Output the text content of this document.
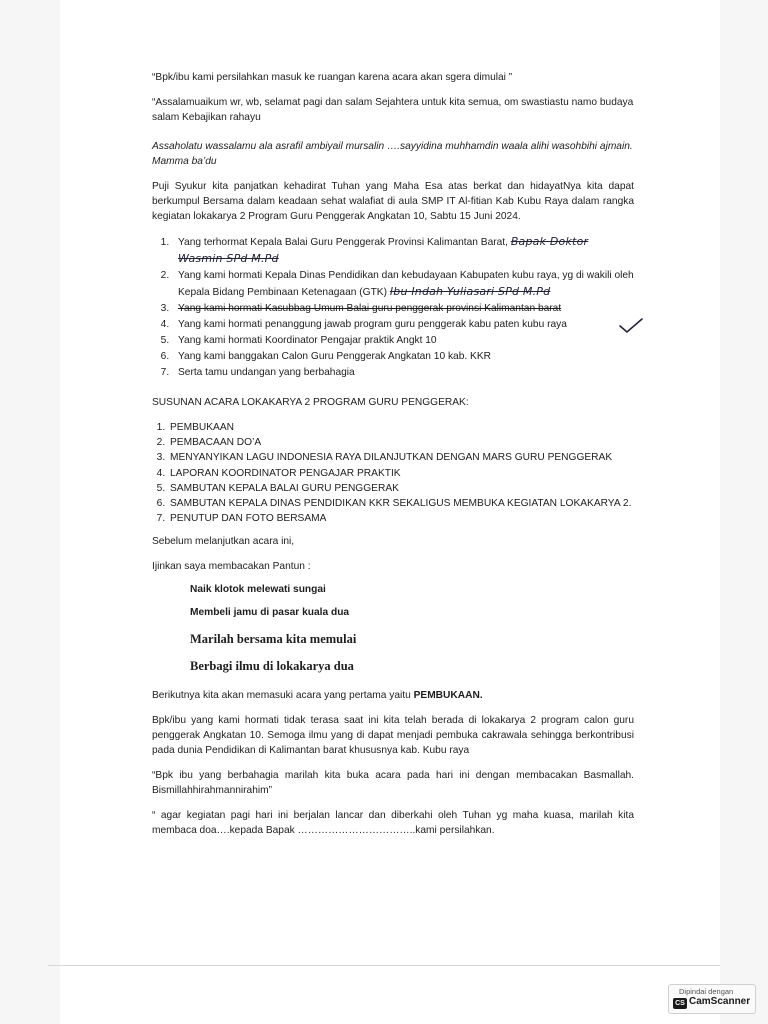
“Bpk/ibu kami persilahkan masuk ke ruangan karena acara akan sgera dimulai ”

“Assalamuaikum wr, wb, selamat pagi dan salam Sejahtera untuk kita semua, om swastiastu namo budaya salam Kebajikan rahayu

Assaholatu wassalamu ala asrafil ambiyail mursalin ….sayyidina muhhamdin waala alihi wasohbihi ajmain. Mamma ba’du

Puji Syukur kita panjatkan kehadirat Tuhan yang Maha Esa atas berkat dan hidayatNya kita dapat berkumpul Bersama dalam keadaan sehat walafiat di aula SMP IT Al-fitian Kab Kubu Raya dalam rangka kegiatan lokakarya 2 Program Guru Penggerak Angkatan 10, Sabtu 15 Juni 2024.

1. Yang terhormat Kepala Balai Guru Penggerak Provinsi Kalimantan Barat, Bapak Doktor Wasmin SPd M.Pd
2. Yang kami hormati Kepala Dinas Pendidikan dan kebudayaan Kabupaten kubu raya, yg di wakili oleh Kepala Bidang Pembinaan Ketenagaan (GTK) Ibu Indah Yuliasari SPd M.Pd
3. Yang kami hormati Kasubbag Umum Balai guru penggerak provinsi Kalimantan barat
4. Yang kami hormati penanggung jawab program guru penggerak kabu paten kubu raya
5. Yang kami hormati Koordinator Pengajar praktik Angkt 10
6. Yang kami banggakan Calon Guru Penggerak Angkatan 10 kab. KKR
7. Serta tamu undangan yang berbahagia

SUSUNAN ACARA LOKAKARYA 2 PROGRAM GURU PENGGERAK:

1. PEMBUKAAN
2. PEMBACAAN DO’A
3. MENYANYIKAN LAGU INDONESIA RAYA DILANJUTKAN DENGAN MARS GURU PENGGERAK
4. LAPORAN KOORDINATOR PENGAJAR PRAKTIK
5. SAMBUTAN KEPALA BALAI GURU PENGGERAK
6. SAMBUTAN KEPALA DINAS PENDIDIKAN KKR SEKALIGUS MEMBUKA KEGIATAN LOKAKARYA 2.
7. PENUTUP DAN FOTO BERSAMA

Sebelum melanjutkan acara ini,

Ijinkan saya membacakan Pantun :

Naik klotok melewati sungai

Membeli jamu di pasar kuala dua

Marilah bersama kita memulai

Berbagi ilmu di lokakarya dua

Berikutnya kita akan memasuki acara yang pertama yaitu PEMBUKAAN.

Bpk/ibu yang kami hormati tidak terasa saat ini kita telah berada di lokakarya 2 program calon guru penggerak Angkatan 10. Semoga ilmu yang di dapat menjadi pembuka cakrawala sehingga berkontribusi pada dunia Pendidikan di Kalimantan barat khususnya kab. Kubu raya

“Bpk ibu yang berbahagia marilah kita buka acara pada hari ini dengan membacakan Basmallah. Bismillahhirahmannirahim”

“ agar kegiatan pagi hari ini berjalan lancar dan diberkahi oleh Tuhan yg maha kuasa, marilah kita membaca doa….kepada Bapak ……………………………..kami persilahkan.

Dipindai dengan
CS CamScanner
